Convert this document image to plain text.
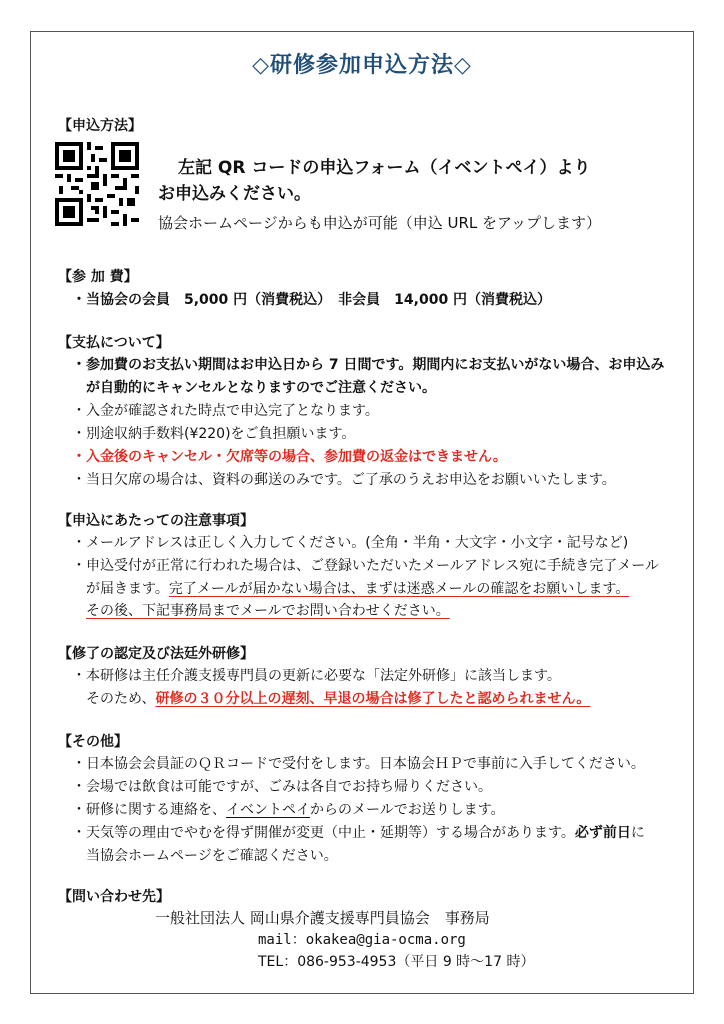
◇研修参加申込方法◇
【申込方法】
左記 QR コードの申込フォーム（イベントペイ）より
お申込みください。
協会ホームページからも申込が可能（申込 URL をアップします）
【参 加 費】
・当協会の会員　5,000 円（消費税込）　非会員　14,000 円（消費税込）
【支払について】
・参加費のお支払い期間はお申込日から 7 日間です。期間内にお支払いがない場合、お申込み
が自動的にキャンセルとなりますのでご注意ください。
・入金が確認された時点で申込完了となります。
・別途収納手数料(¥220)をご負担願います。
・入金後のキャンセル・欠席等の場合、参加費の返金はできません。
・当日欠席の場合は、資料の郵送のみです。ご了承のうえお申込をお願いいたします。
【申込にあたっての注意事項】
・メールアドレスは正しく入力してください。(全角・半角・大文字・小文字・記号など)
・申込受付が正常に行われた場合は、ご登録いただいたメールアドレス宛に手続き完了メール
が届きます。完了メールが届かない場合は、まずは迷惑メールの確認をお願いします。
その後、下記事務局までメールでお問い合わせください。
【修了の認定及び法廷外研修】
・本研修は主任介護支援専門員の更新に必要な「法定外研修」に該当します。
そのため、研修の３０分以上の遅刻、早退の場合は修了したと認められません。
【その他】
・日本協会会員証のＱＲコードで受付をします。日本協会ＨＰで事前に入手してください。
・会場では飲食は可能ですが、ごみは各自でお持ち帰りください。
・研修に関する連絡を、イベントペイからのメールでお送りします。
・天気等の理由でやむを得ず開催が変更（中止・延期等）する場合があります。必ず前日に
当協会ホームページをご確認ください。
【問い合わせ先】
一般社団法人 岡山県介護支援専門員協会　事務局
mail：okakea@gia-ocma.org
TEL：086-953-4953（平日 9 時～17 時）
